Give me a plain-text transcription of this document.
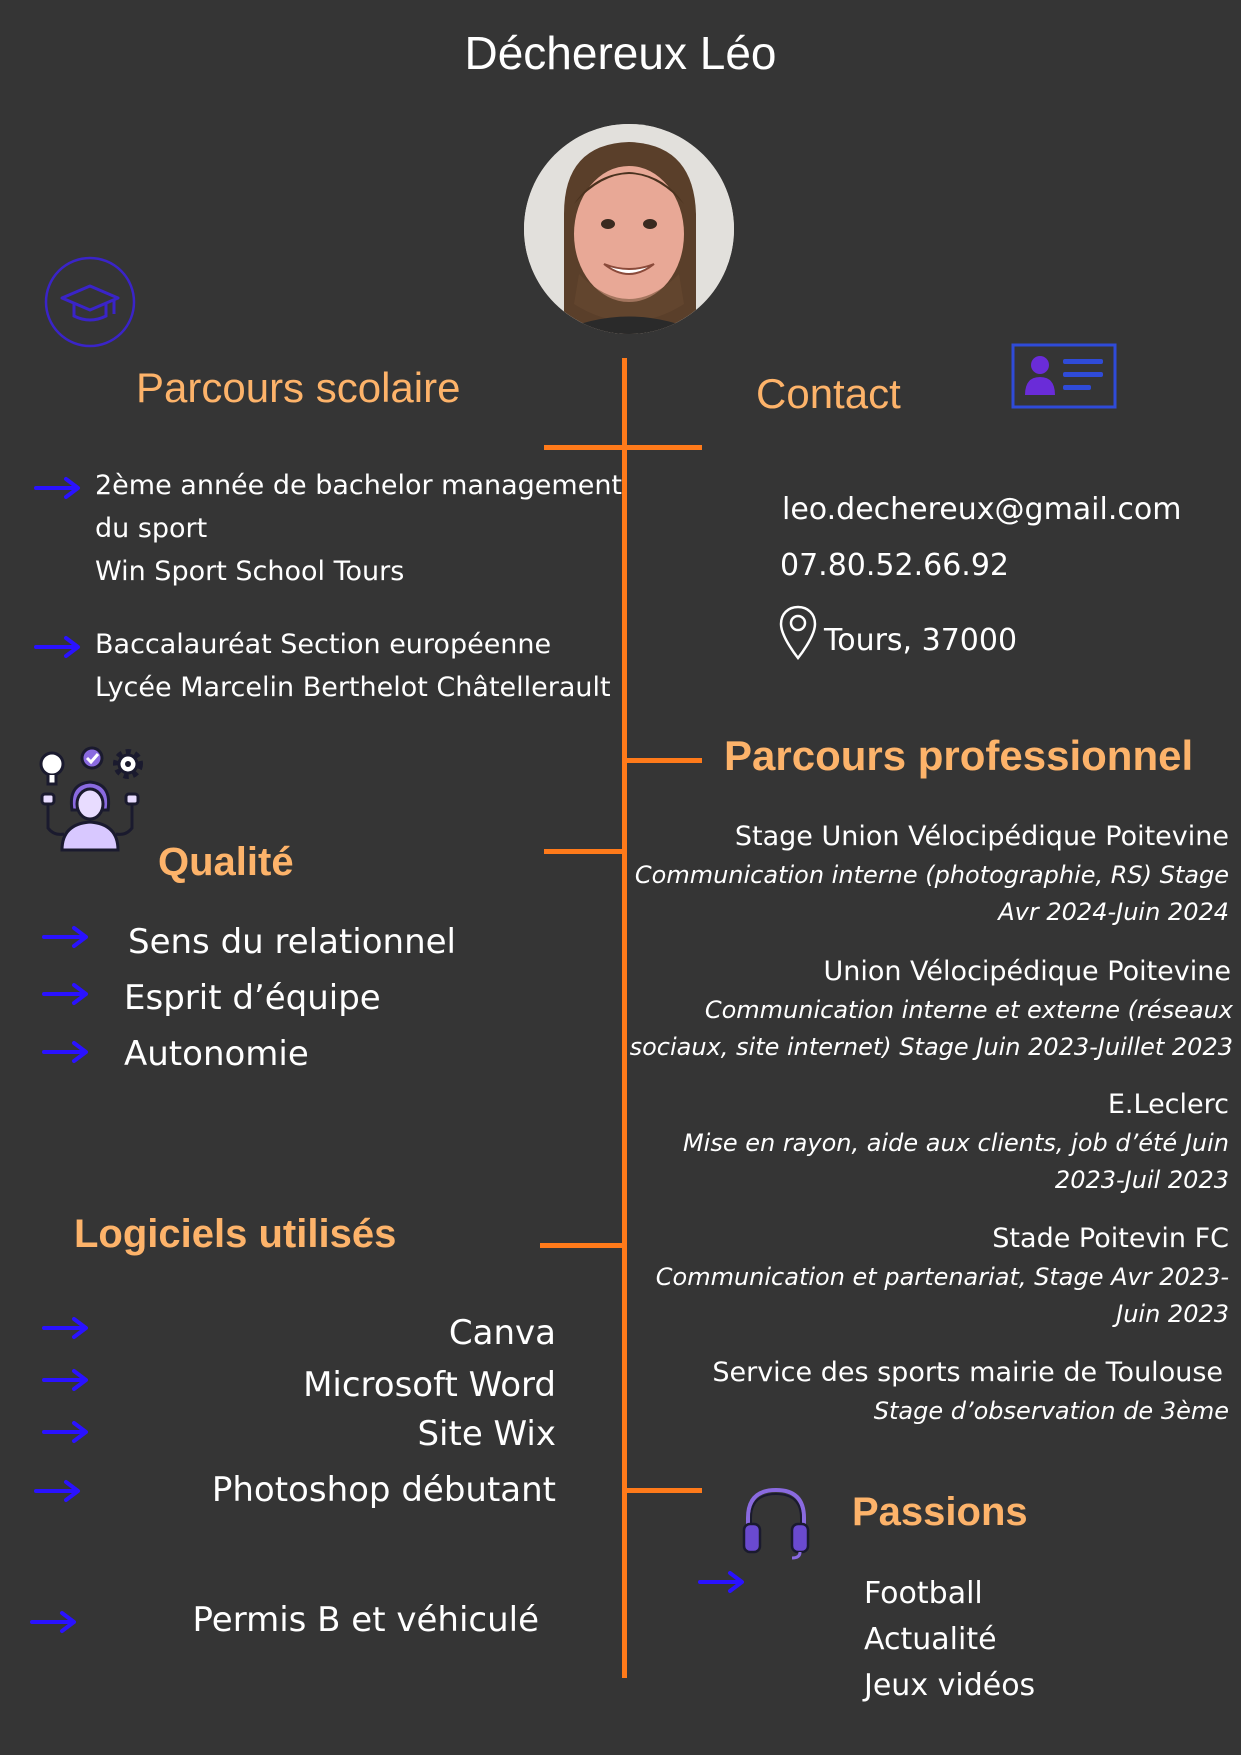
Déchereux Léo
Parcours scolaire
2ème année de bachelor management
du sport
Win Sport School Tours
Baccalauréat Section européenne
Lycée Marcelin Berthelot Châtellerault
Contact
leo.dechereux@gmail.com
07.80.52.66.92
Tours, 37000
Parcours professionnel
Stage Union Vélocipédique Poitevine
Communication interne (photographie, RS) Stage
Avr 2024-Juin 2024
Union Vélocipédique Poitevine
Communication interne et externe (réseaux
sociaux, site internet) Stage Juin 2023-Juillet 2023
E.Leclerc
Mise en rayon, aide aux clients, job d’été Juin
2023-Juil 2023
Stade Poitevin FC
Communication et partenariat, Stage Avr 2023-
Juin 2023
Service des sports mairie de Toulouse
Stage d’observation de 3ème
Qualité
Sens du relationnel
Esprit d’équipe
Autonomie
Logiciels utilisés
Canva
Microsoft Word
Site Wix
Photoshop débutant
Permis B et véhiculé
Passions
Football
Actualité
Jeux vidéos
